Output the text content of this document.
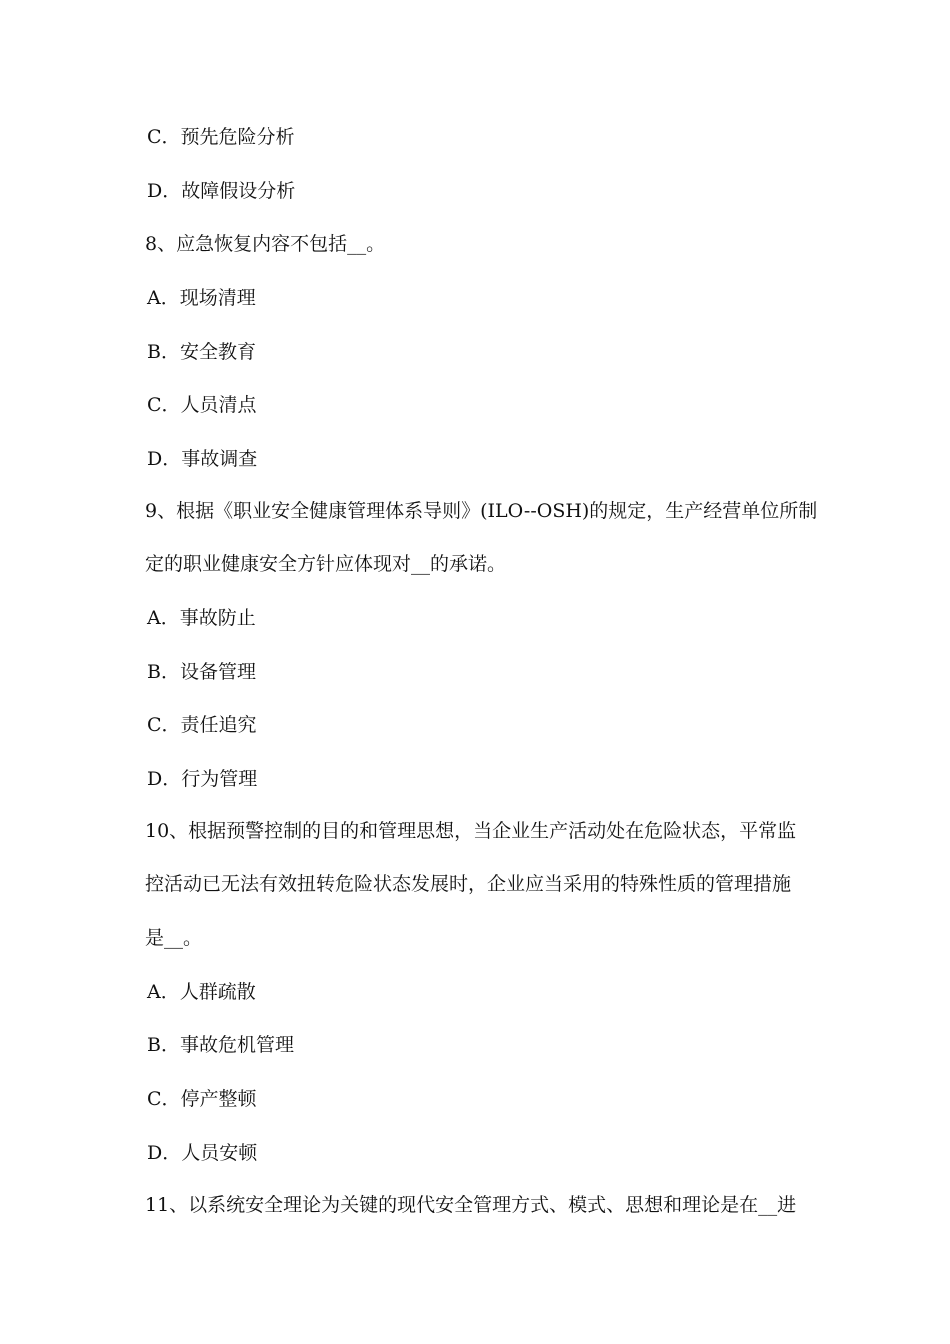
C．预先危险分析
D．故障假设分析
8、应急恢复内容不包括__。
A．现场清理
B．安全教育
C．人员清点
D．事故调查
9、根据《职业安全健康管理体系导则》(ILO--OSH)的规定，生产经营单位所制
定的职业健康安全方针应体现对__的承诺。
A．事故防止
B．设备管理
C．责任追究
D．行为管理
10、根据预警控制的目的和管理思想，当企业生产活动处在危险状态，平常监
控活动已无法有效扭转危险状态发展时，企业应当采用的特殊性质的管理措施
是__。
A．人群疏散
B．事故危机管理
C．停产整顿
D．人员安顿
11、以系统安全理论为关键的现代安全管理方式、模式、思想和理论是在__进
